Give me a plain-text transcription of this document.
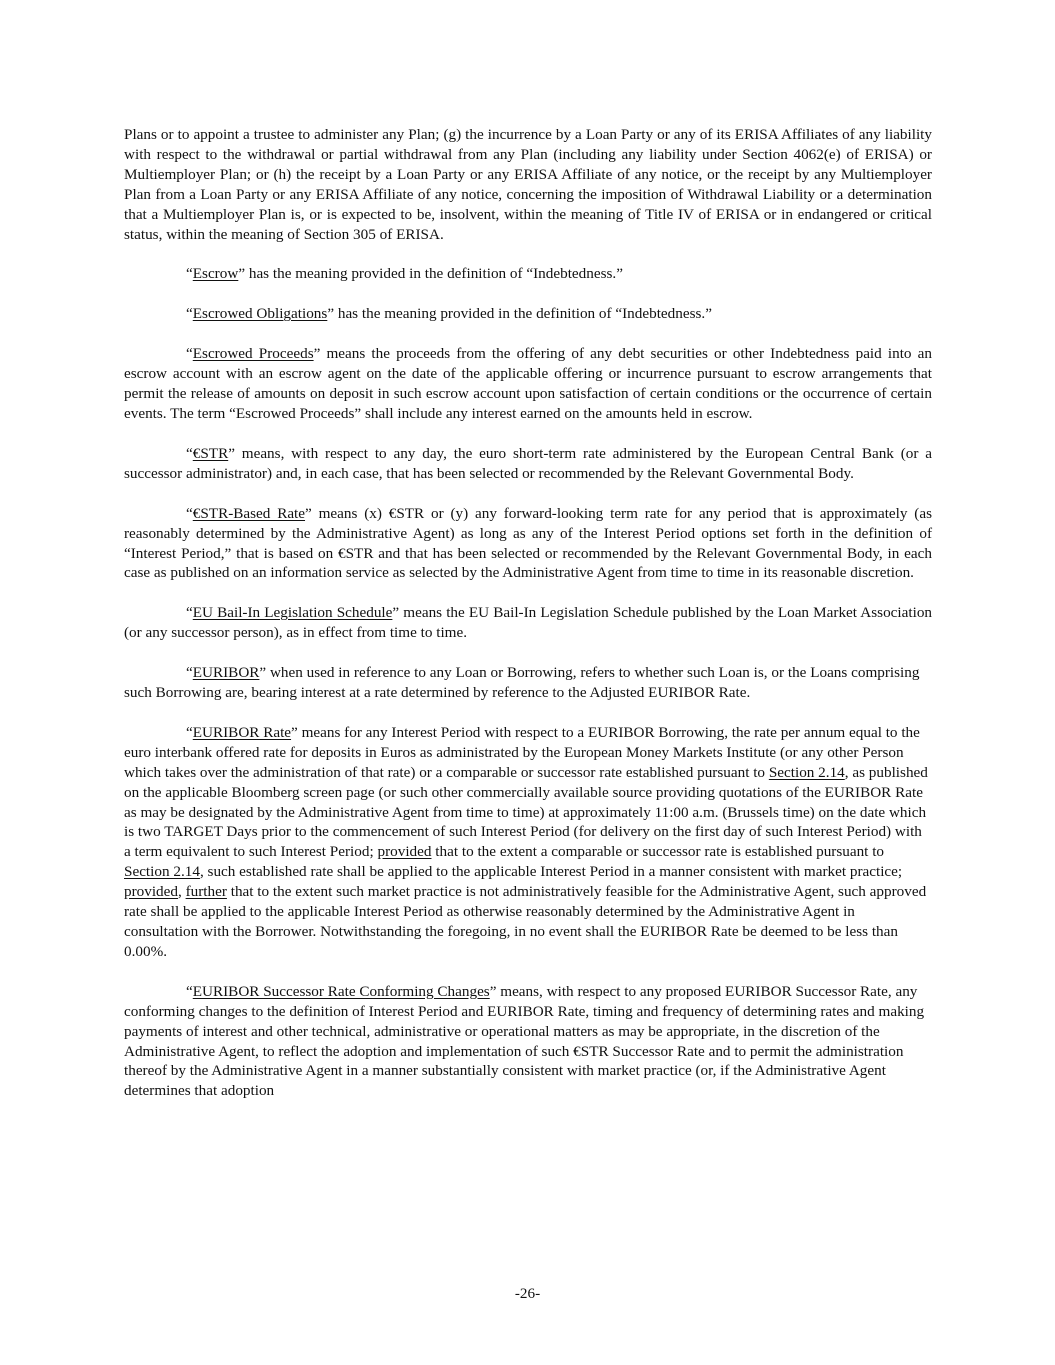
Plans or to appoint a trustee to administer any Plan; (g) the incurrence by a Loan Party or any of its ERISA Affiliates of any liability with respect to the withdrawal or partial withdrawal from any Plan (including any liability under Section 4062(e) of ERISA) or Multiemployer Plan; or (h) the receipt by a Loan Party or any ERISA Affiliate of any notice, or the receipt by any Multiemployer Plan from a Loan Party or any ERISA Affiliate of any notice, concerning the imposition of Withdrawal Liability or a determination that a Multiemployer Plan is, or is expected to be, insolvent, within the meaning of Title IV of ERISA or in endangered or critical status, within the meaning of Section 305 of ERISA.

“Escrow” has the meaning provided in the definition of “Indebtedness.”

“Escrowed Obligations” has the meaning provided in the definition of “Indebtedness.”

“Escrowed Proceeds” means the proceeds from the offering of any debt securities or other Indebtedness paid into an escrow account with an escrow agent on the date of the applicable offering or incurrence pursuant to escrow arrangements that permit the release of amounts on deposit in such escrow account upon satisfaction of certain conditions or the occurrence of certain events. The term “Escrowed Proceeds” shall include any interest earned on the amounts held in escrow.

“€STR” means, with respect to any day, the euro short-term rate administered by the European Central Bank (or a successor administrator) and, in each case, that has been selected or recommended by the Relevant Governmental Body.

“€STR-Based Rate” means (x) €STR or (y) any forward-looking term rate for any period that is approximately (as reasonably determined by the Administrative Agent) as long as any of the Interest Period options set forth in the definition of “Interest Period,” that is based on €STR and that has been selected or recommended by the Relevant Governmental Body, in each case as published on an information service as selected by the Administrative Agent from time to time in its reasonable discretion.

“EU Bail-In Legislation Schedule” means the EU Bail-In Legislation Schedule published by the Loan Market Association (or any successor person), as in effect from time to time.

“EURIBOR” when used in reference to any Loan or Borrowing, refers to whether such Loan is, or the Loans comprising such Borrowing are, bearing interest at a rate determined by reference to the Adjusted EURIBOR Rate.

“EURIBOR Rate” means for any Interest Period with respect to a EURIBOR Borrowing, the rate per annum equal to the euro interbank offered rate for deposits in Euros as administrated by the European Money Markets Institute (or any other Person which takes over the administration of that rate) or a comparable or successor rate established pursuant to Section 2.14, as published on the applicable Bloomberg screen page (or such other commercially available source providing quotations of the EURIBOR Rate as may be designated by the Administrative Agent from time to time) at approximately 11:00 a.m. (Brussels time) on the date which is two TARGET Days prior to the commencement of such Interest Period (for delivery on the first day of such Interest Period) with a term equivalent to such Interest Period; provided that to the extent a comparable or successor rate is established pursuant to Section 2.14, such established rate shall be applied to the applicable Interest Period in a manner consistent with market practice; provided, further that to the extent such market practice is not administratively feasible for the Administrative Agent, such approved rate shall be applied to the applicable Interest Period as otherwise reasonably determined by the Administrative Agent in consultation with the Borrower. Notwithstanding the foregoing, in no event shall the EURIBOR Rate be deemed to be less than 0.00%.

“EURIBOR Successor Rate Conforming Changes” means, with respect to any proposed EURIBOR Successor Rate, any conforming changes to the definition of Interest Period and EURIBOR Rate, timing and frequency of determining rates and making payments of interest and other technical, administrative or operational matters as may be appropriate, in the discretion of the Administrative Agent, to reflect the adoption and implementation of such €STR Successor Rate and to permit the administration thereof by the Administrative Agent in a manner substantially consistent with market practice (or, if the Administrative Agent determines that adoption

-26-
